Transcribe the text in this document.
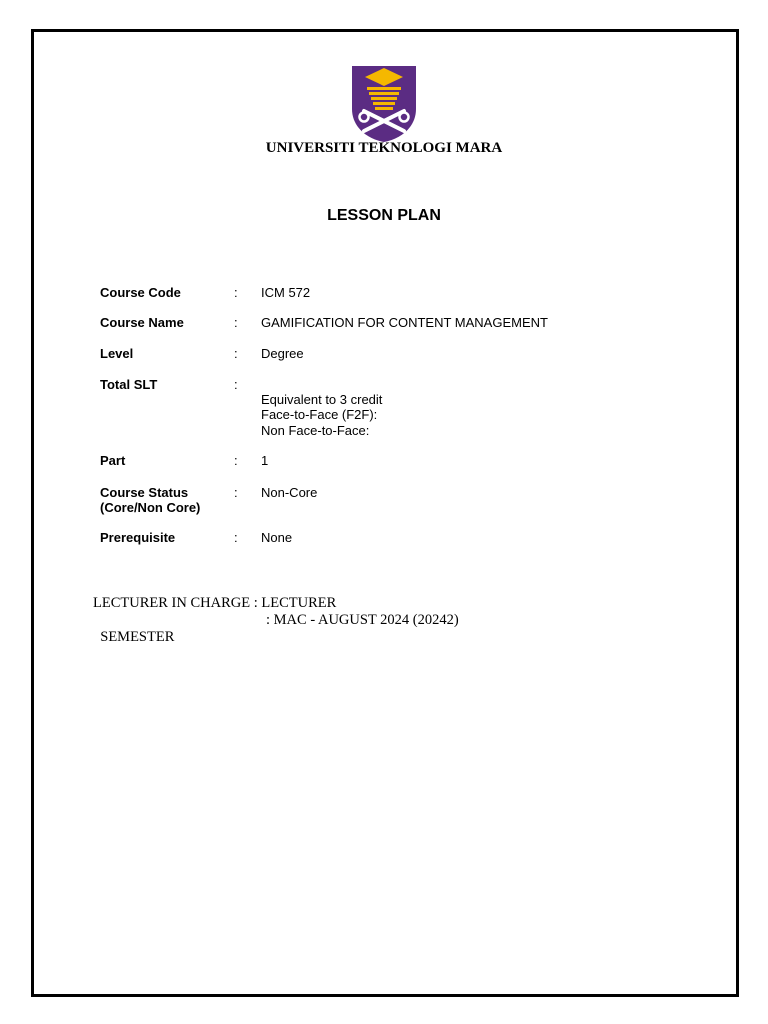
UNIVERSITI TEKNOLOGI MARA
LESSON PLAN
Course Code	: ICM 572
Course Name	: GAMIFICATION FOR CONTENT MANAGEMENT
Level	: Degree
Total SLT	:
Equivalent to 3 credit
Face-to-Face (F2F):
Non Face-to-Face:
Part	: 1
Course Status
(Core/Non Core)
: Non-Core
Prerequisite	: None
LECTURER IN CHARGE : LECTURER

SEMESTER

: MAC - AUGUST 2024 (20242)
